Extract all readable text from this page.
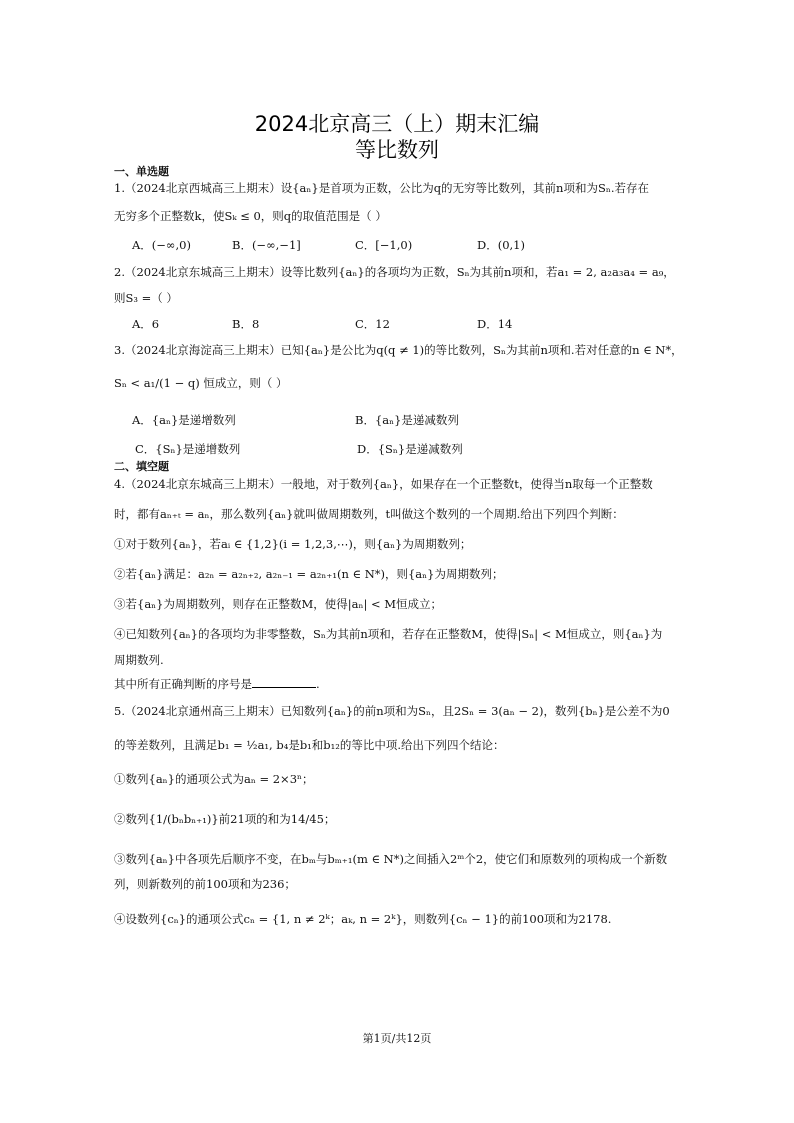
2024北京高三（上）期末汇编
等比数列
一、单选题
1.（2024北京西城高三上期末）设{aₙ}是首项为正数，公比为q的无穷等比数列，其前n项和为Sₙ.若存在
无穷多个正整数k，使Sₖ ≤ 0，则q的取值范围是（ ）
A．(−∞,0)	B．(−∞,−1]	C．[−1,0)	D．(0,1)
2.（2024北京东城高三上期末）设等比数列{aₙ}的各项均为正数，Sₙ为其前n项和，若a₁ = 2, a₂a₃a₄ = a₉，
则S₃ =（ ）
A．6	B．8	C．12	D．14
3.（2024北京海淀高三上期末）已知{aₙ}是公比为q(q ≠ 1)的等比数列，Sₙ为其前n项和.若对任意的n ∈ N*，
Sₙ < a₁/(1 − q) 恒成立，则（ ）
A．{aₙ}是递增数列	B．{aₙ}是递减数列
C．{Sₙ}是递增数列	D．{Sₙ}是递减数列
二、填空题
4.（2024北京东城高三上期末）一般地，对于数列{aₙ}，如果存在一个正整数t，使得当n取每一个正整数
时，都有aₙ₊ₜ = aₙ，那么数列{aₙ}就叫做周期数列，t叫做这个数列的一个周期.给出下列四个判断：
①对于数列{aₙ}，若aᵢ ∈ {1,2}(i = 1,2,3,⋯)，则{aₙ}为周期数列；
②若{aₙ}满足：a₂ₙ = a₂ₙ₊₂, a₂ₙ₋₁ = a₂ₙ₊₁(n ∈ N*)，则{aₙ}为周期数列；
③若{aₙ}为周期数列，则存在正整数M，使得|aₙ| < M恒成立；
④已知数列{aₙ}的各项均为非零整数，Sₙ为其前n项和，若存在正整数M，使得|Sₙ| < M恒成立，则{aₙ}为
周期数列.
其中所有正确判断的序号是	.
5.（2024北京通州高三上期末）已知数列{aₙ}的前n项和为Sₙ，且2Sₙ = 3(aₙ − 2)，数列{bₙ}是公差不为0
的等差数列，且满足b₁ = ½a₁, b₄是b₁和b₁₂的等比中项.给出下列四个结论：
①数列{aₙ}的通项公式为aₙ = 2×3ⁿ；
②数列{1/(bₙbₙ₊₁)}前21项的和为14/45；
③数列{aₙ}中各项先后顺序不变，在bₘ与bₘ₊₁(m ∈ N*)之间插入2ᵐ个2，使它们和原数列的项构成一个新数
列，则新数列的前100项和为236；
④设数列{cₙ}的通项公式cₙ = {1, n ≠ 2ᵏ；aₖ, n = 2ᵏ}，则数列{cₙ − 1}的前100项和为2178.
第1页/共12页
